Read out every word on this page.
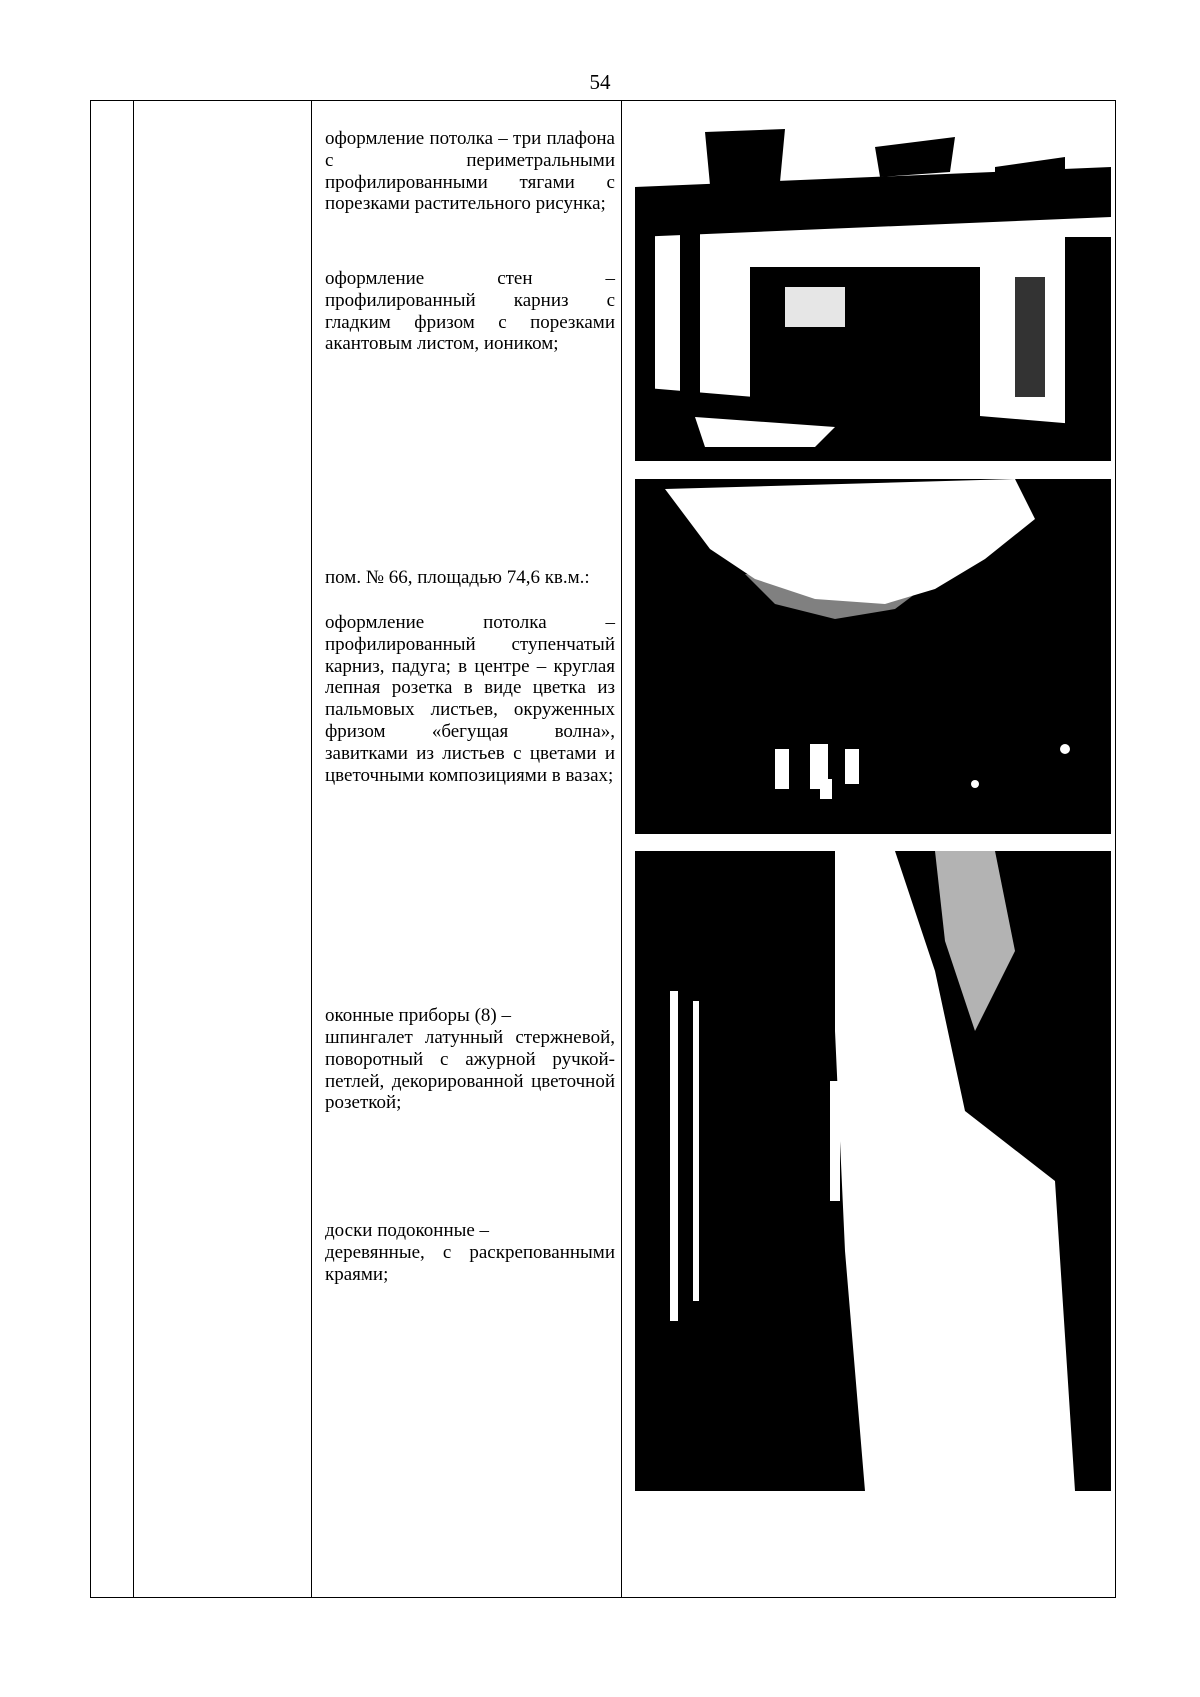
54

оформление потолка – три плафона с периметральными профилированными тягами с порезками растительного рисунка;

оформление стен – профилированный карниз с гладким фризом с порезками акантовым листом, иоником;

пом. № 66, площадью 74,6 кв.м.:

оформление потолка – профилированный ступенчатый карниз, падуга; в центре – круглая лепная розетка в виде цветка из пальмовых листьев, окруженных фризом «бегущая волна», завитками из листьев с цветами и цветочными композициями в вазах;

оконные приборы (8) –

шпингалет латунный стержневой, поворотный с ажурной ручкой-петлей, декорированной цветочной розеткой;

доски подоконные –

деревянные, с раскрепованными краями;
